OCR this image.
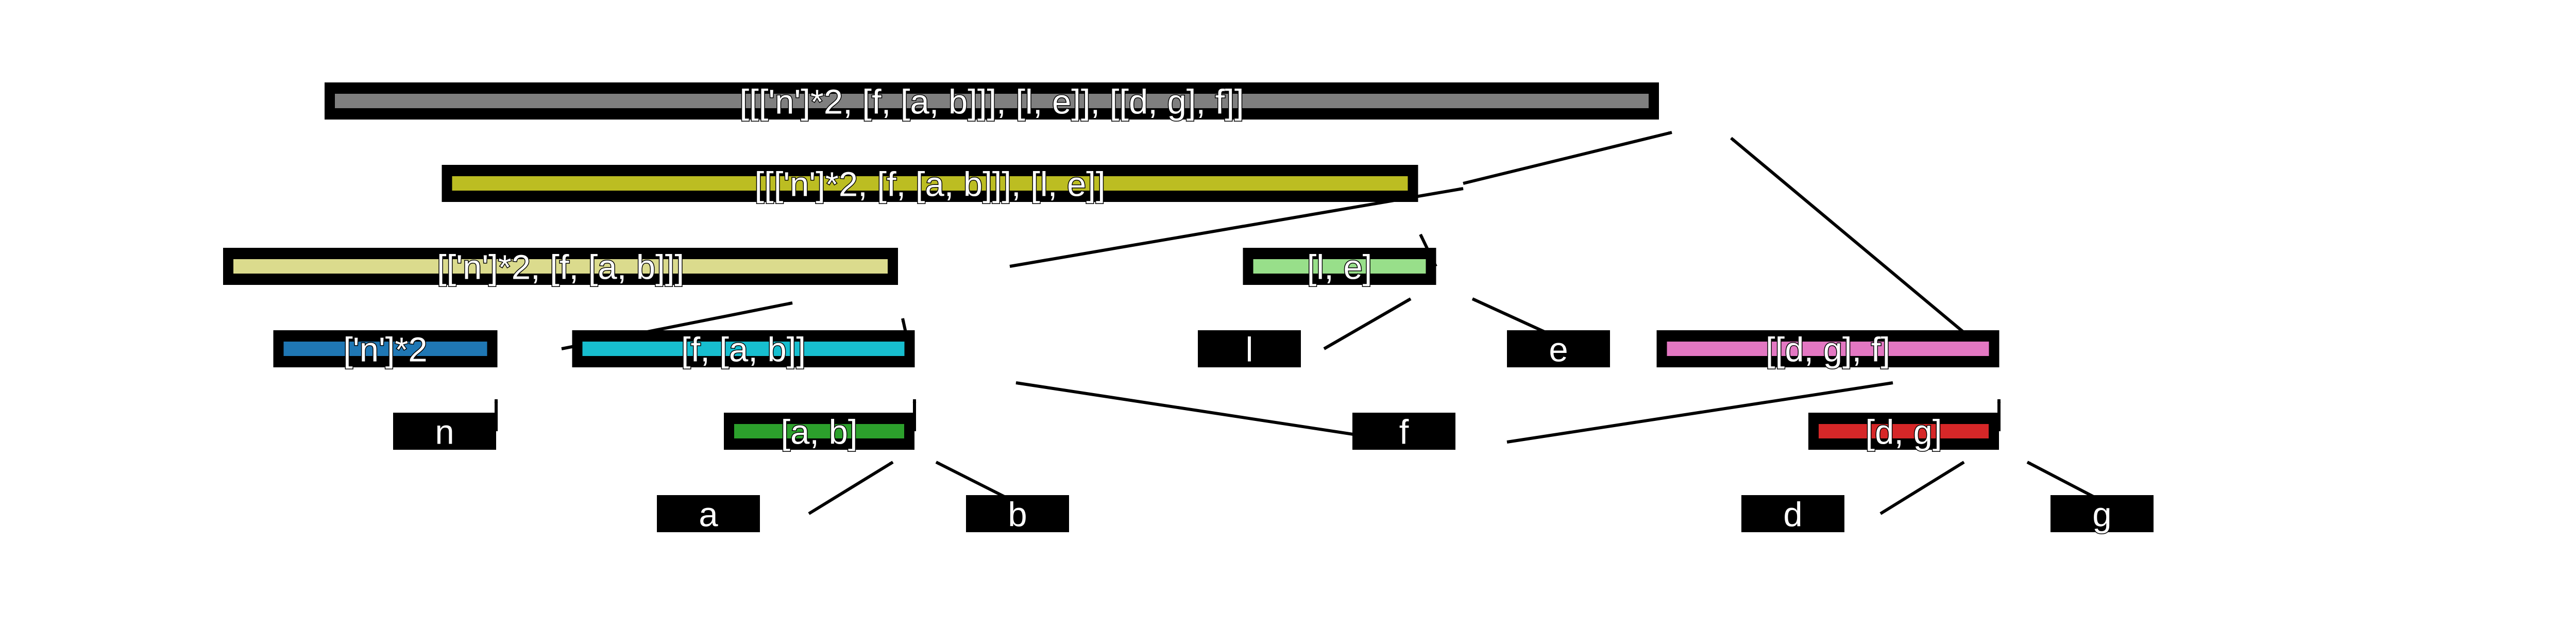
[[['n']*2, [f, [a, b]]], [l, e]], [[d, g], f]]
[[['n']*2, [f, [a, b]]], [l, e]]
[['n']*2, [f, [a, b]]]	[l, e]
['n']*2	[f, [a, b]]	l	e	[[d, g], f]
n	[a, b]	f	[d, g]
a	b	d	g
